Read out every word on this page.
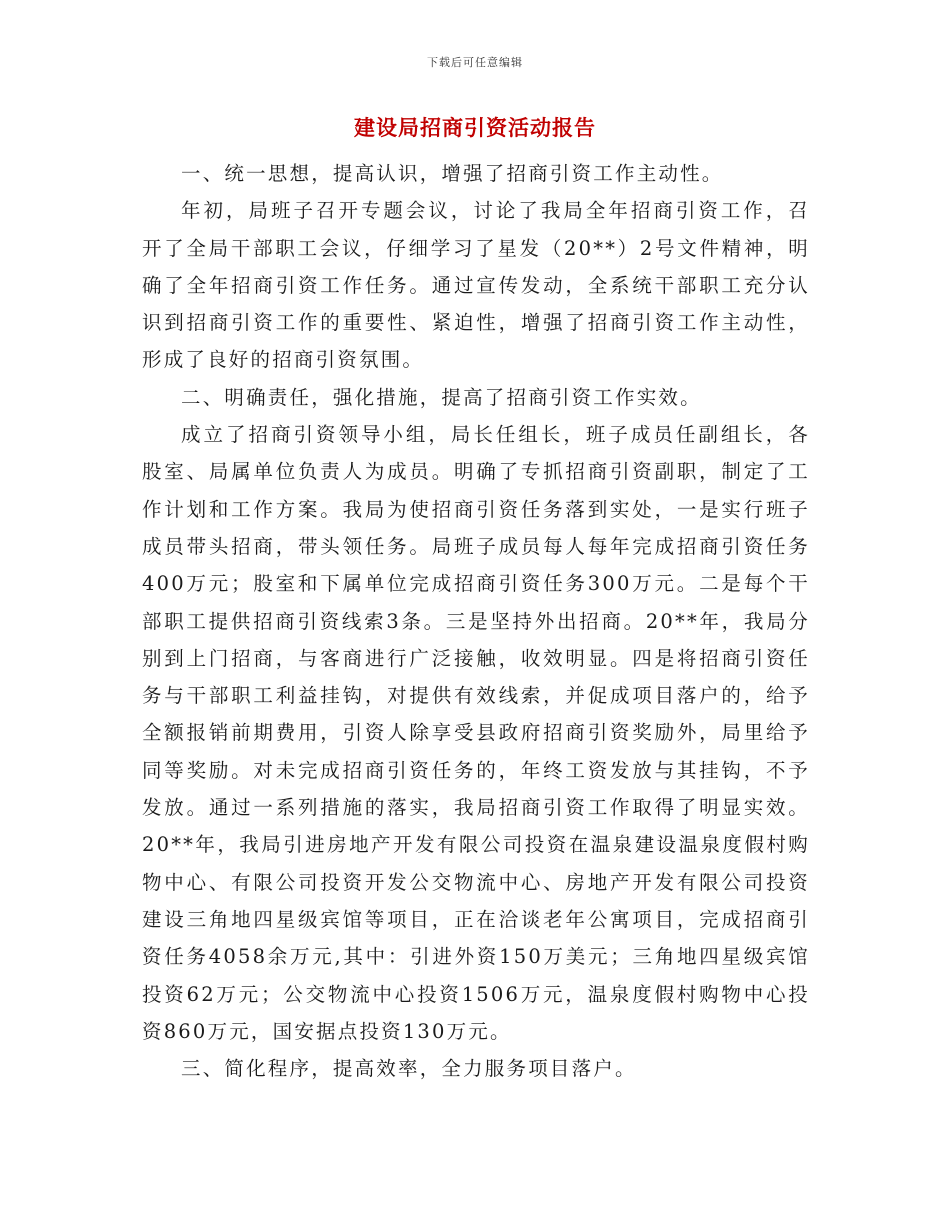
下载后可任意编辑
建设局招商引资活动报告

一、统一思想，提高认识，增强了招商引资工作主动性。

年初，局班子召开专题会议，讨论了我局全年招商引资工作，召开了全局干部职工会议，仔细学习了星发（20**）2号文件精神，明确了全年招商引资工作任务。通过宣传发动，全系统干部职工充分认识到招商引资工作的重要性、紧迫性，增强了招商引资工作主动性，形成了良好的招商引资氛围。

二、明确责任，强化措施，提高了招商引资工作实效。

成立了招商引资领导小组，局长任组长，班子成员任副组长，各股室、局属单位负责人为成员。明确了专抓招商引资副职，制定了工作计划和工作方案。我局为使招商引资任务落到实处，一是实行班子成员带头招商，带头领任务。局班子成员每人每年完成招商引资任务400万元；股室和下属单位完成招商引资任务300万元。二是每个干部职工提供招商引资线索3条。三是坚持外出招商。20**年，我局分别到上门招商，与客商进行广泛接触，收效明显。四是将招商引资任务与干部职工利益挂钩，对提供有效线索，并促成项目落户的，给予全额报销前期费用，引资人除享受县政府招商引资奖励外，局里给予同等奖励。对未完成招商引资任务的，年终工资发放与其挂钩，不予发放。通过一系列措施的落实，我局招商引资工作取得了明显实效。20**年，我局引进房地产开发有限公司投资在温泉建设温泉度假村购物中心、有限公司投资开发公交物流中心、房地产开发有限公司投资建设三角地四星级宾馆等项目，正在洽谈老年公寓项目，完成招商引资任务4058余万元,其中：引进外资150万美元；三角地四星级宾馆投资62万元；公交物流中心投资1506万元，温泉度假村购物中心投资860万元，国安据点投资130万元。

三、简化程序，提高效率，全力服务项目落户。
